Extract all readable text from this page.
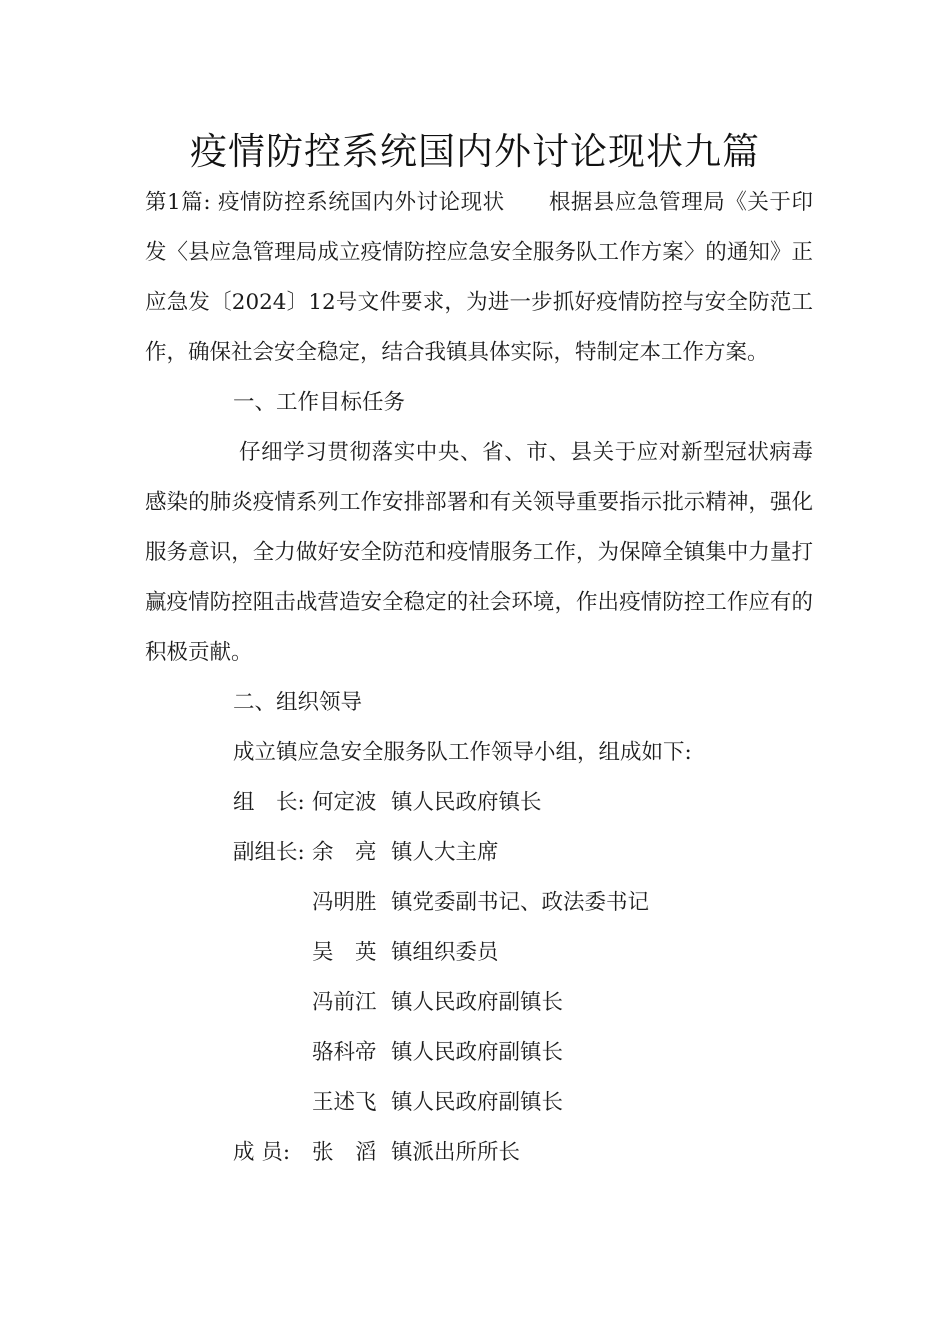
疫情防控系统国内外讨论现状九篇

第1篇: 疫情防控系统国内外讨论现状　　根据县应急管理局《关于印发〈县应急管理局成立疫情防控应急安全服务队工作方案〉的通知》正应急发〔2024〕12号文件要求，为进一步抓好疫情防控与安全防范工作，确保社会安全稳定，结合我镇具体实际，特制定本工作方案。

一、工作目标任务

仔细学习贯彻落实中央、省、市、县关于应对新型冠状病毒感染的肺炎疫情系列工作安排部署和有关领导重要指示批示精神，强化服务意识，全力做好安全防范和疫情服务工作，为保障全镇集中力量打赢疫情防控阻击战营造安全稳定的社会环境，作出疫情防控工作应有的积极贡献。

二、组织领导

成立镇应急安全服务队工作领导小组，组成如下:

组　长: 何定波 镇人民政府镇长
副组长: 余　亮 镇人大主席
冯明胜 镇党委副书记、政法委书记
吴　英 镇组织委员
冯前江 镇人民政府副镇长
骆科帝 镇人民政府副镇长
王述飞 镇人民政府副镇长
成 员:	张　滔 镇派出所所长
